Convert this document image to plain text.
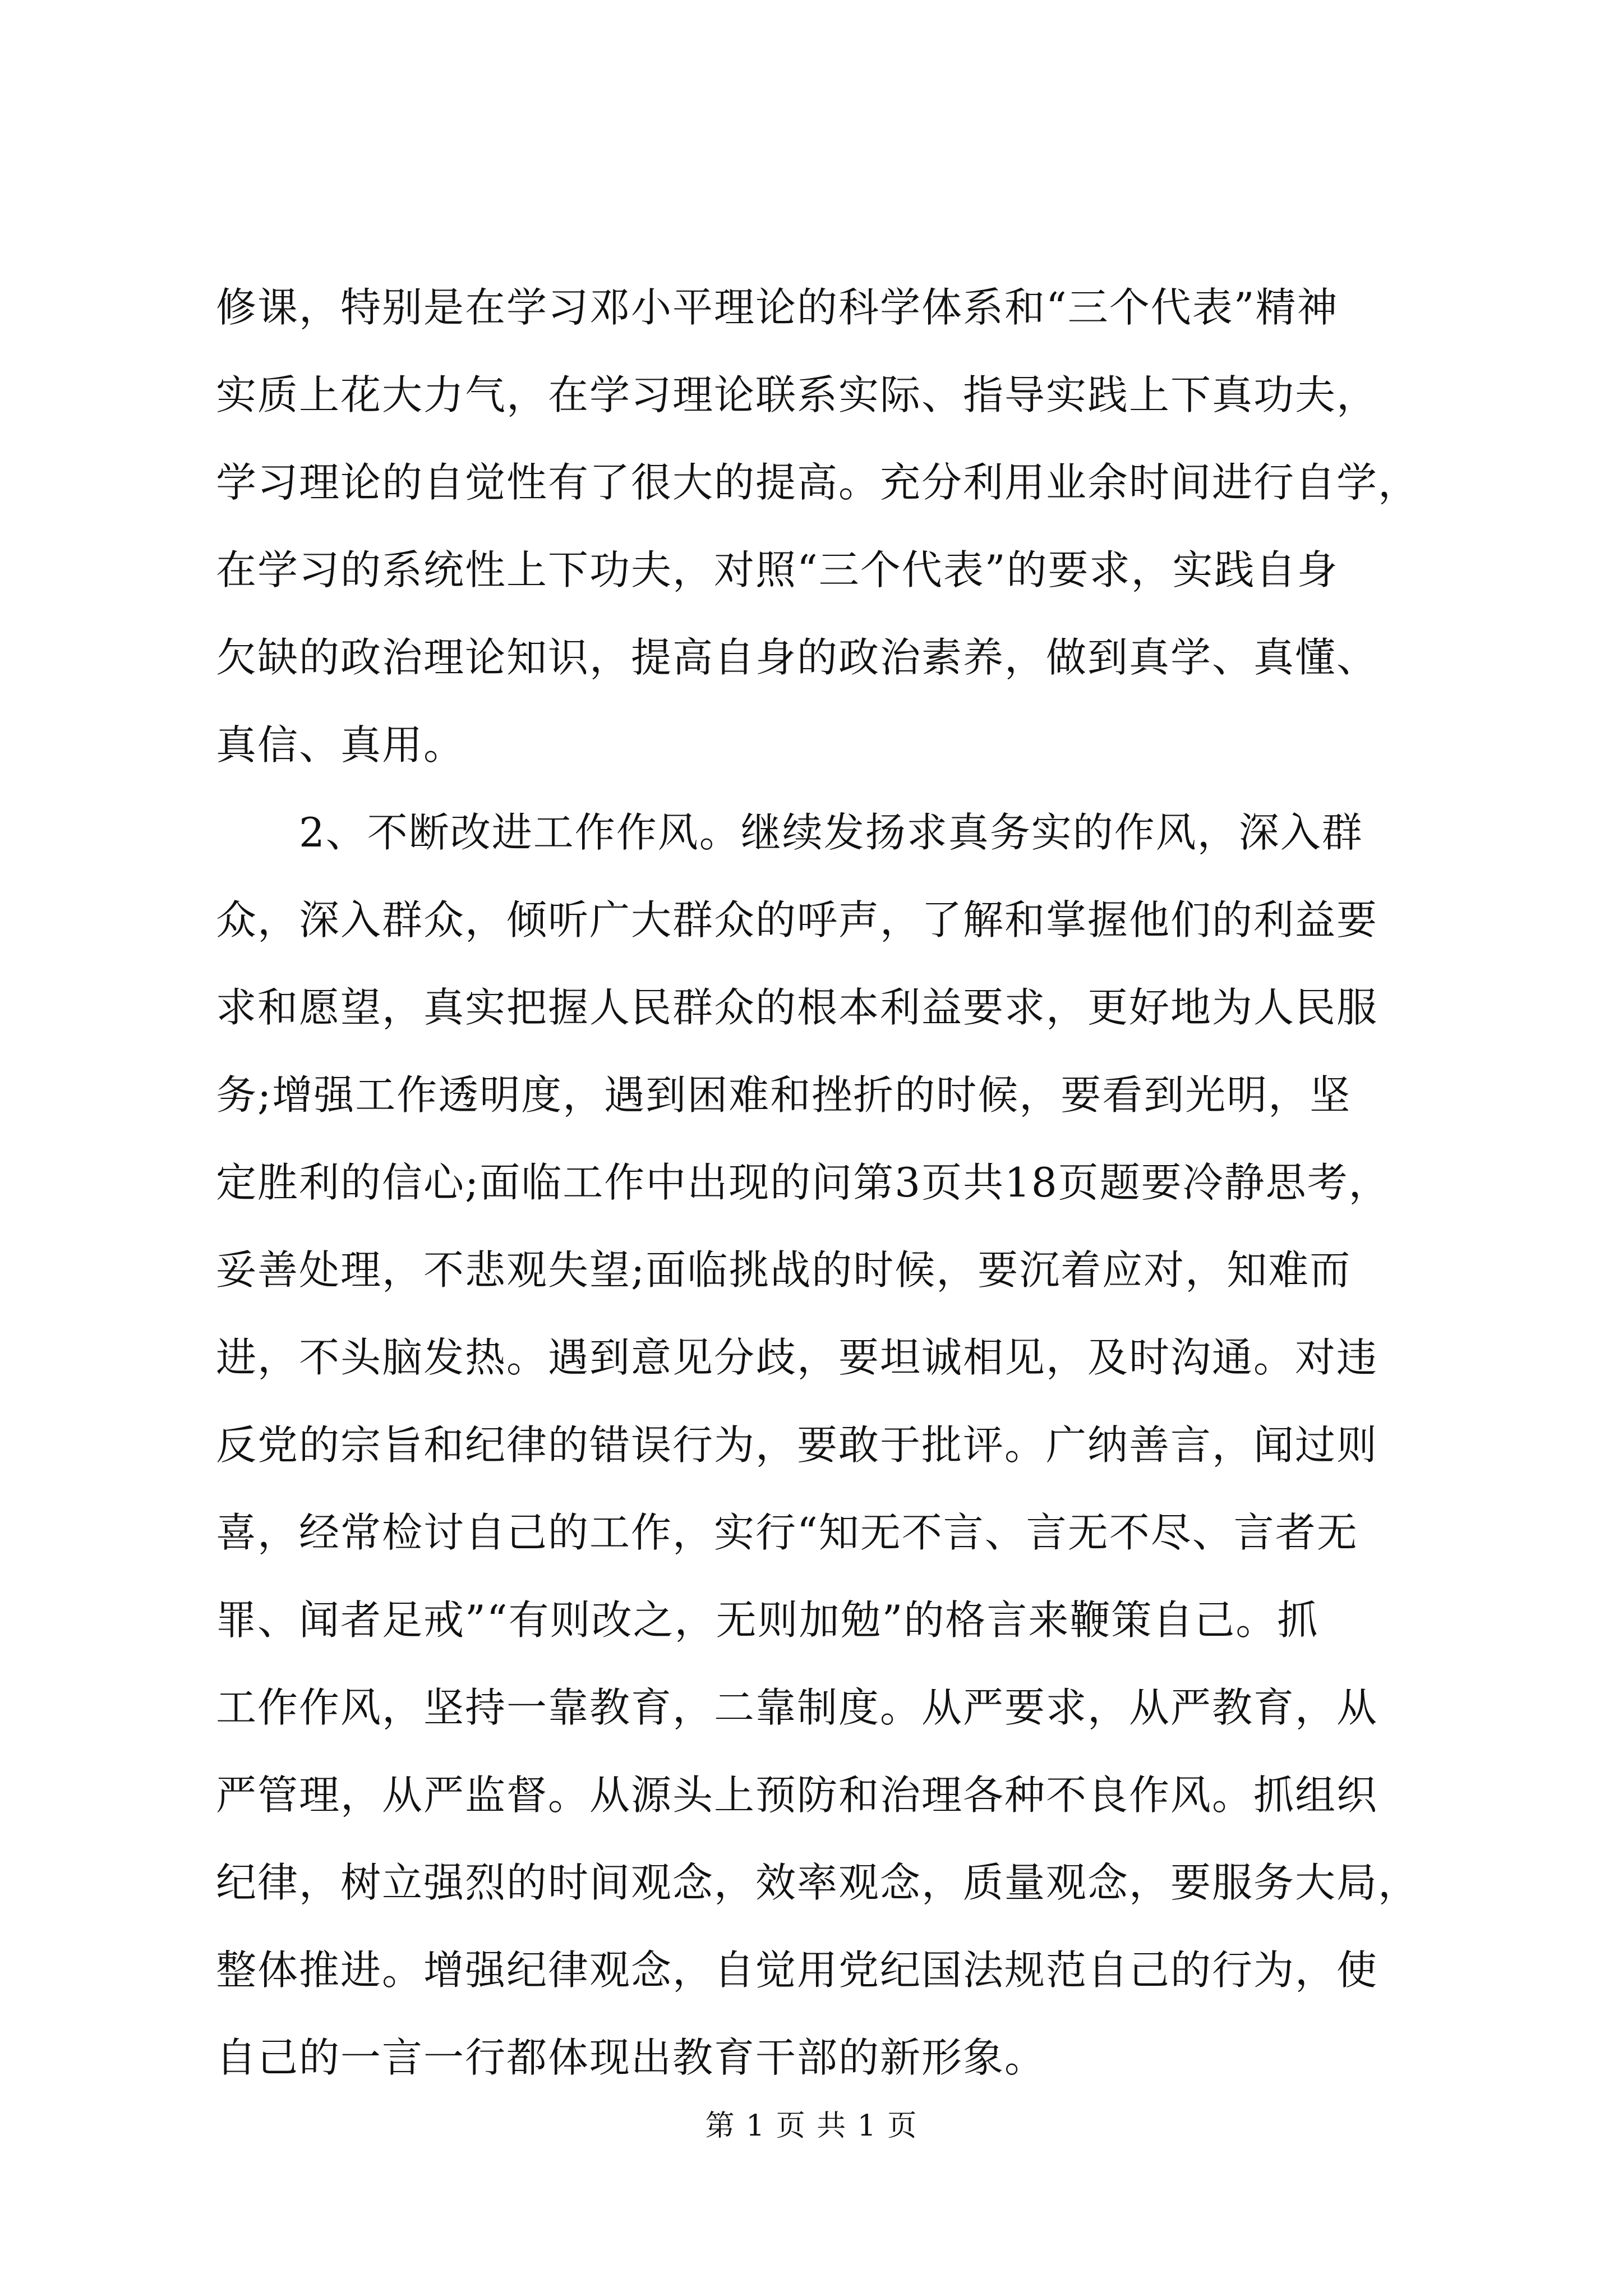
修课，特别是在学习邓小平理论的科学体系和“三个代表”精神
实质上花大力气，在学习理论联系实际、指导实践上下真功夫，
学习理论的自觉性有了很大的提高。充分利用业余时间进行自学，
在学习的系统性上下功夫，对照“三个代表”的要求，实践自身
欠缺的政治理论知识，提高自身的政治素养，做到真学、真懂、
真信、真用。
2、不断改进工作作风。继续发扬求真务实的作风，深入群
众，深入群众，倾听广大群众的呼声，了解和掌握他们的利益要
求和愿望，真实把握人民群众的根本利益要求，更好地为人民服
务;增强工作透明度，遇到困难和挫折的时候，要看到光明，坚
定胜利的信心;面临工作中出现的问第3页共18页题要冷静思考，
妥善处理，不悲观失望;面临挑战的时候，要沉着应对，知难而
进，不头脑发热。遇到意见分歧，要坦诚相见，及时沟通。对违
反党的宗旨和纪律的错误行为，要敢于批评。广纳善言，闻过则
喜，经常检讨自己的工作，实行“知无不言、言无不尽、言者无
罪、闻者足戒”“有则改之，无则加勉”的格言来鞭策自己。抓
工作作风，坚持一靠教育，二靠制度。从严要求，从严教育，从
严管理，从严监督。从源头上预防和治理各种不良作风。抓组织
纪律，树立强烈的时间观念，效率观念，质量观念，要服务大局，
整体推进。增强纪律观念，自觉用党纪国法规范自己的行为，使
自己的一言一行都体现出教育干部的新形象。
第 1 页 共 1 页
